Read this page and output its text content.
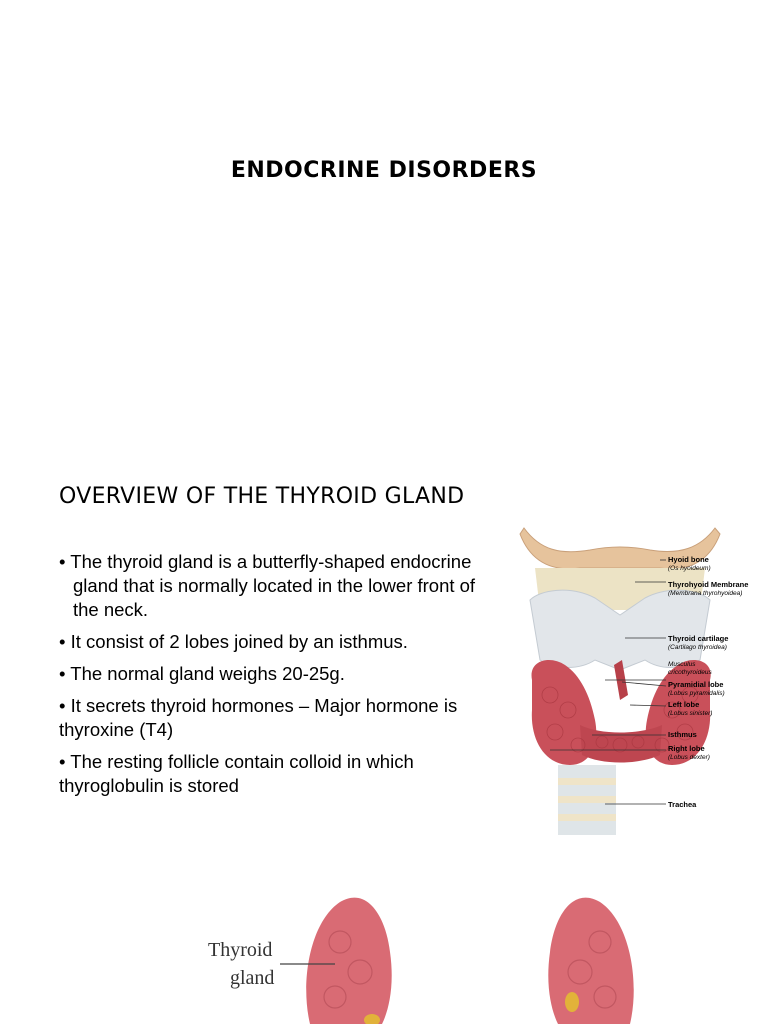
ENDOCRINE DISORDERS
OVERVIEW OF THE THYROID GLAND
• The thyroid gland is a butterfly-shaped endocrine gland that is normally located in the lower front of the neck.
• It consist of 2 lobes joined by an isthmus.
• The normal gland weighs 20-25g.
• It secrets thyroid hormones – Major hormone is thyroxine (T4)
• The resting follicle contain colloid in which thyroglobulin is stored
Hyoid bone
(Os hyoideum)
Thyrohyoid Membrane
(Membrana thyrohyoidea)
Thyroid cartilage
(Cartilago thyroidea)
Musculus
cricothyroideus
Pyramidial lobe
(Lobus pyramidalis)
Left lobe
(Lobus sinister)
Isthmus
Right lobe
(Lobus dexter)
Trachea
Thyroid
gland
